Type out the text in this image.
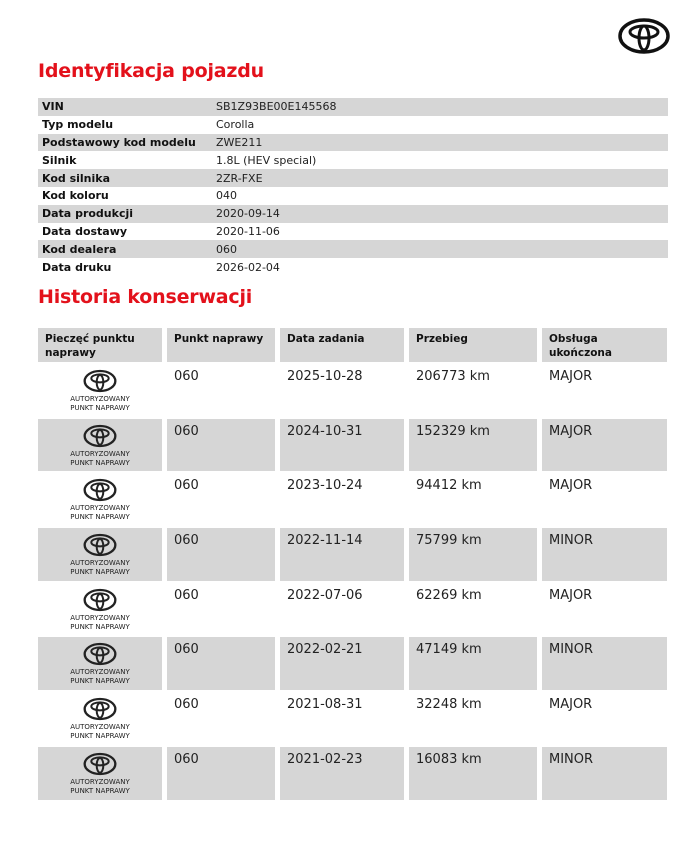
Identyfikacja pojazdu
VIN	SB1Z93BE00E145568
Typ modelu	Corolla
Podstawowy kod modelu	ZWE211
Silnik	1.8L (HEV special)
Kod silnika	2ZR-FXE
Kod koloru	040
Data produkcji	2020-09-14
Data dostawy	2020-11-06
Kod dealera	060
Data druku	2026-02-04
Historia konserwacji
Pieczęć punktu naprawy
Punkt naprawy	Data zadania	Przebieg	Obsługa ukończona
AUTORYZOWANY
PUNKT NAPRAWY
060	2025-10-28	206773 km	MAJOR
AUTORYZOWANY
PUNKT NAPRAWY
060	2024-10-31	152329 km	MAJOR
AUTORYZOWANY
PUNKT NAPRAWY
060	2023-10-24	94412 km	MAJOR
AUTORYZOWANY
PUNKT NAPRAWY
060	2022-11-14	75799 km	MINOR
AUTORYZOWANY
PUNKT NAPRAWY
060	2022-07-06	62269 km	MAJOR
AUTORYZOWANY
PUNKT NAPRAWY
060	2022-02-21	47149 km	MINOR
AUTORYZOWANY
PUNKT NAPRAWY
060	2021-08-31	32248 km	MAJOR
AUTORYZOWANY
PUNKT NAPRAWY
060	2021-02-23	16083 km	MINOR
